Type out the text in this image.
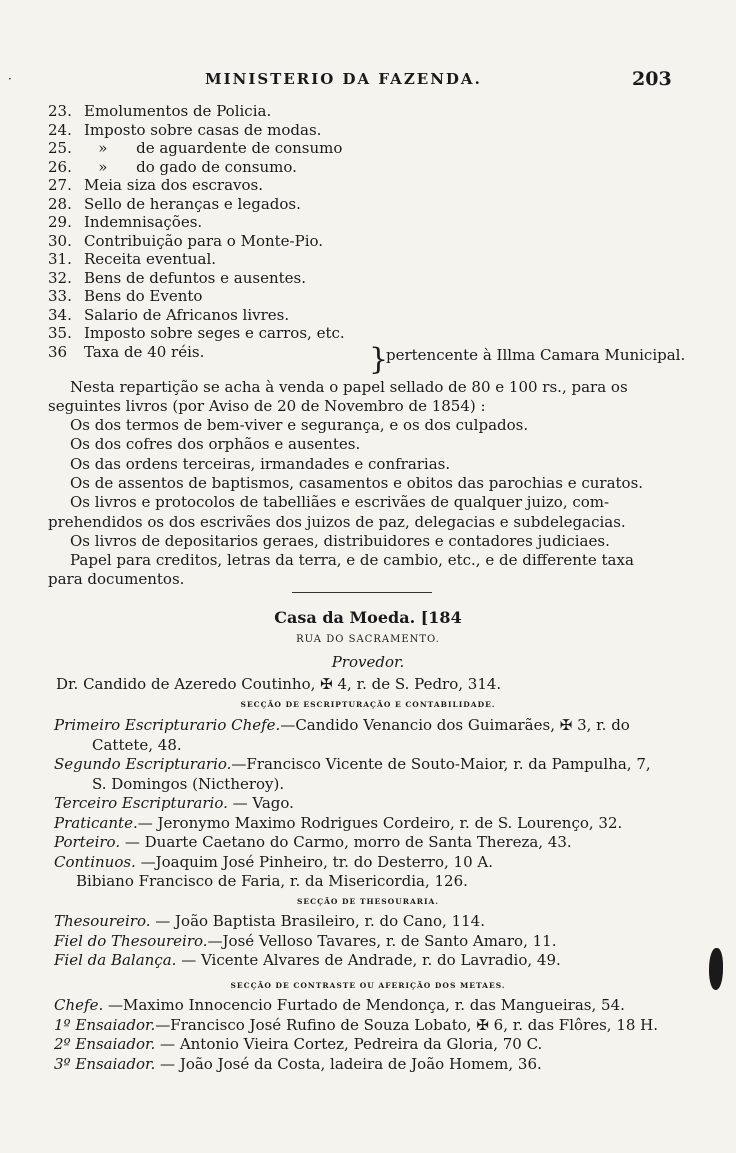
·	MINISTERIO DA FAZENDA.	203
23. Emolumentos de Policia.
24. Imposto sobre casas de modas.
25.   »      de aguardente de consumo
26.   »      do gado de consumo.
27. Meia siza dos escravos.
28. Sello de heranças e legados.
29. Indemnisações.
30. Contribuição para o Monte-Pio.
31. Receita eventual.
32. Bens de defuntos e ausentes.
33. Bens do Evento
34. Salario de Africanos livres.
35. Imposto sobre seges e carros, etc.
36 Taxa de 40 réis.	}
pertencente à Illma Camara Municipal.
Nesta repartição se acha à venda o papel sellado de 80 e 100 rs., para os
seguintes livros (por Aviso de 20 de Novembro de 1854) :
Os dos termos de bem-viver e segurança, e os dos culpados.
Os dos cofres dos orphãos e ausentes.
Os das ordens terceiras, irmandades e confrarias.
Os de assentos de baptismos, casamentos e obitos das parochias e curatos.
Os livros e protocolos de tabelliães e escrivães de qualquer juizo, com-
prehendidos os dos escrivães dos juizos de paz, delegacias e subdelegacias.
Os livros de depositarios geraes, distribuidores e contadores judiciaes.
Papel para creditos, letras da terra, e de cambio, etc., e de differente taxa
para documentos.
Casa da Moeda. [184
RUA DO SACRAMENTO.
Provedor.
Dr. Candido de Azeredo Coutinho, ✠ 4, r. de S. Pedro, 314.
SECÇÃO DE ESCRIPTURAÇÃO E CONTABILIDADE.
Primeiro Escripturario Chefe.—Candido Venancio dos Guimarães, ✠ 3, r. do
Cattete, 48.
Segundo Escripturario.—Francisco Vicente de Souto-Maior, r. da Pampulha, 7,
S. Domingos (Nictheroy).
Terceiro Escripturario. — Vago.
Praticante.— Jeronymo Maximo Rodrigues Cordeiro, r. de S. Lourenço, 32.
Porteiro. — Duarte Caetano do Carmo, morro de Santa Thereza, 43.
Continuos. —Joaquim José Pinheiro, tr. do Desterro, 10 A.
Bibiano Francisco de Faria, r. da Misericordia, 126.
SECÇÃO DE THESOURARIA.
Thesoureiro. — João Baptista Brasileiro, r. do Cano, 114.
Fiel do Thesoureiro.—José Velloso Tavares, r. de Santo Amaro, 11.
Fiel da Balança. — Vicente Alvares de Andrade, r. do Lavradio, 49.
SECÇÃO DE CONTRASTE OU AFERIÇÃO DOS METAES.
Chefe. —Maximo Innocencio Furtado de Mendonça, r. das Mangueiras, 54.
1º Ensaiador.—Francisco José Rufino de Souza Lobato, ✠ 6, r. das Flôres, 18 H.
2º Ensaiador. — Antonio Vieira Cortez, Pedreira da Gloria, 70 C.
3º Ensaiador. — João José da Costa, ladeira de João Homem, 36.
